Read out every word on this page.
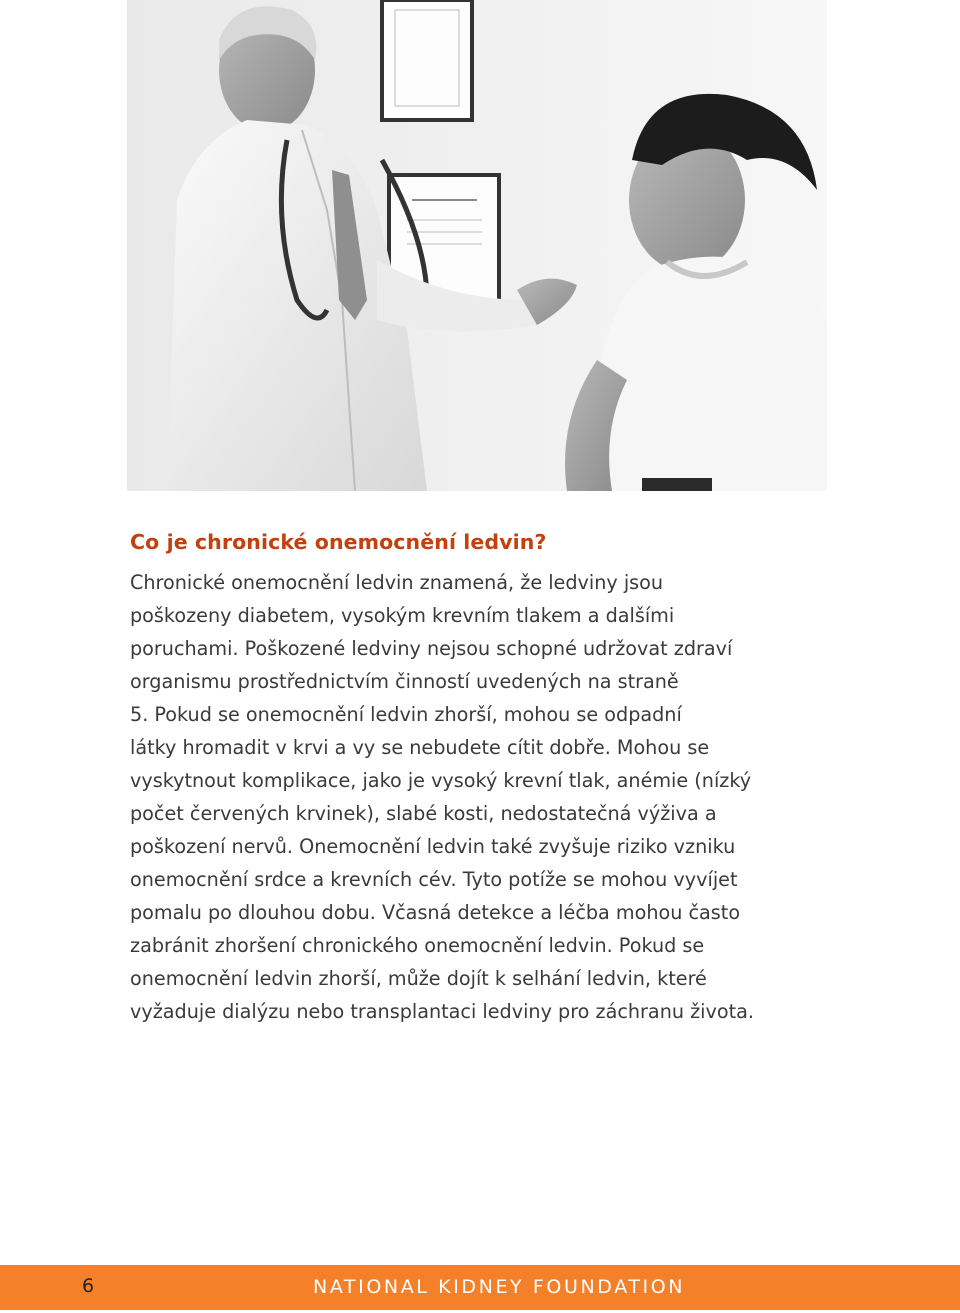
Co je chronické onemocnění ledvin?
Chronické onemocnění ledvin znamená, že ledviny jsou
poškozeny diabetem, vysokým krevním tlakem a dalšími
poruchami. Poškozené ledviny nejsou schopné udržovat zdraví
organismu prostřednictvím činností uvedených na straně
5. Pokud se onemocnění ledvin zhorší, mohou se odpadní
látky hromadit v krvi a vy se nebudete cítit dobře. Mohou se
vyskytnout komplikace, jako je vysoký krevní tlak, anémie (nízký
počet červených krvinek), slabé kosti, nedostatečná výživa a
poškození nervů. Onemocnění ledvin také zvyšuje riziko vzniku
onemocnění srdce a krevních cév. Tyto potíže se mohou vyvíjet
pomalu po dlouhou dobu. Včasná detekce a léčba mohou často
zabránit zhoršení chronického onemocnění ledvin. Pokud se
onemocnění ledvin zhorší, může dojít k selhání ledvin, které
vyžaduje dialýzu nebo transplantaci ledviny pro záchranu života.
6	NATIONAL KIDNEY FOUNDATION
